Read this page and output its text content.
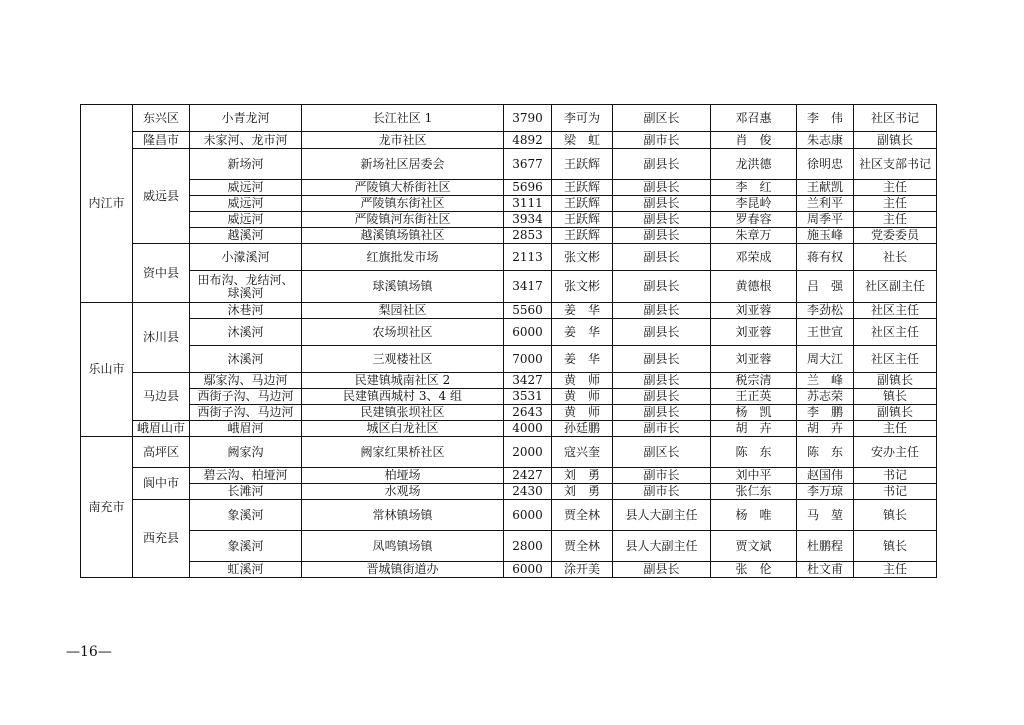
内江市	东兴区	小青龙河	长江社区 1	3790	李可为	副区长	邓召惠	李　伟	社区书记
	隆昌市	未家河、龙市河	龙市社区	4892	梁　虹	副市长	肖　俊	朱志康	副镇长
	威远县	新场河	新场社区居委会	3677	王跃辉	副县长	龙洪德	徐明忠	社区支部书记
		威远河	严陵镇大桥街社区	5696	王跃辉	副县长	李　红	王献凯	主任
		威远河	严陵镇东街社区	3111	王跃辉	副县长	李昆岭	兰利平	主任
		威远河	严陵镇河东街社区	3934	王跃辉	副县长	罗春容	周季平	主任
		越溪河	越溪镇场镇社区	2853	王跃辉	副县长	朱章万	施玉峰	党委委员
	资中县	小濛溪河	红旗批发市场	2113	张文彬	副县长	邓荣成	蒋有权	社长
		田布沟、龙结河、球溪河	球溪镇场镇	3417	张文彬	副县长	黄德根	吕　强	社区副主任
乐山市	沐川县	沐巷河	梨园社区	5560	姜　华	副县长	刘亚蓉	李劲松	社区主任
		沐溪河	农场坝社区	6000	姜　华	副县长	刘亚蓉	王世宣	社区主任
		沐溪河	三观楼社区	7000	姜　华	副县长	刘亚蓉	周大江	社区主任
	马边县	鄢家沟、马边河	民建镇城南社区 2	3427	黄　师	副县长	税宗清	兰　峰	副镇长
		西街子沟、马边河	民建镇西城村 3、4 组	3531	黄　师	副县长	王正英	苏志荣	镇长
		西街子沟、马边河	民建镇张坝社区	2643	黄　师	副县长	杨　凯	李　鹏	副镇长
	峨眉山市	峨眉河	城区白龙社区	4000	孙廷鹏	副市长	胡　卉	胡　卉	主任
南充市	高坪区	阙家沟	阙家红果桥社区	2000	寇兴奎	副区长	陈　东	陈　东	安办主任
	阆中市	碧云沟、柏垭河	柏垭场	2427	刘　勇	副市长	刘中平	赵国伟	书记
		长滩河	水观场	2430	刘　勇	副市长	张仁东	李万琼	书记
	西充县	象溪河	常林镇场镇	6000	贾全林	县人大副主任	杨　唯	马　堃	镇长
		象溪河	凤鸣镇场镇	2800	贾全林	县人大副主任	贾文斌	杜鹏程	镇长
		虹溪河	晋城镇街道办	6000	涂开美	副县长	张　伦	杜文甫	主任
—16—
